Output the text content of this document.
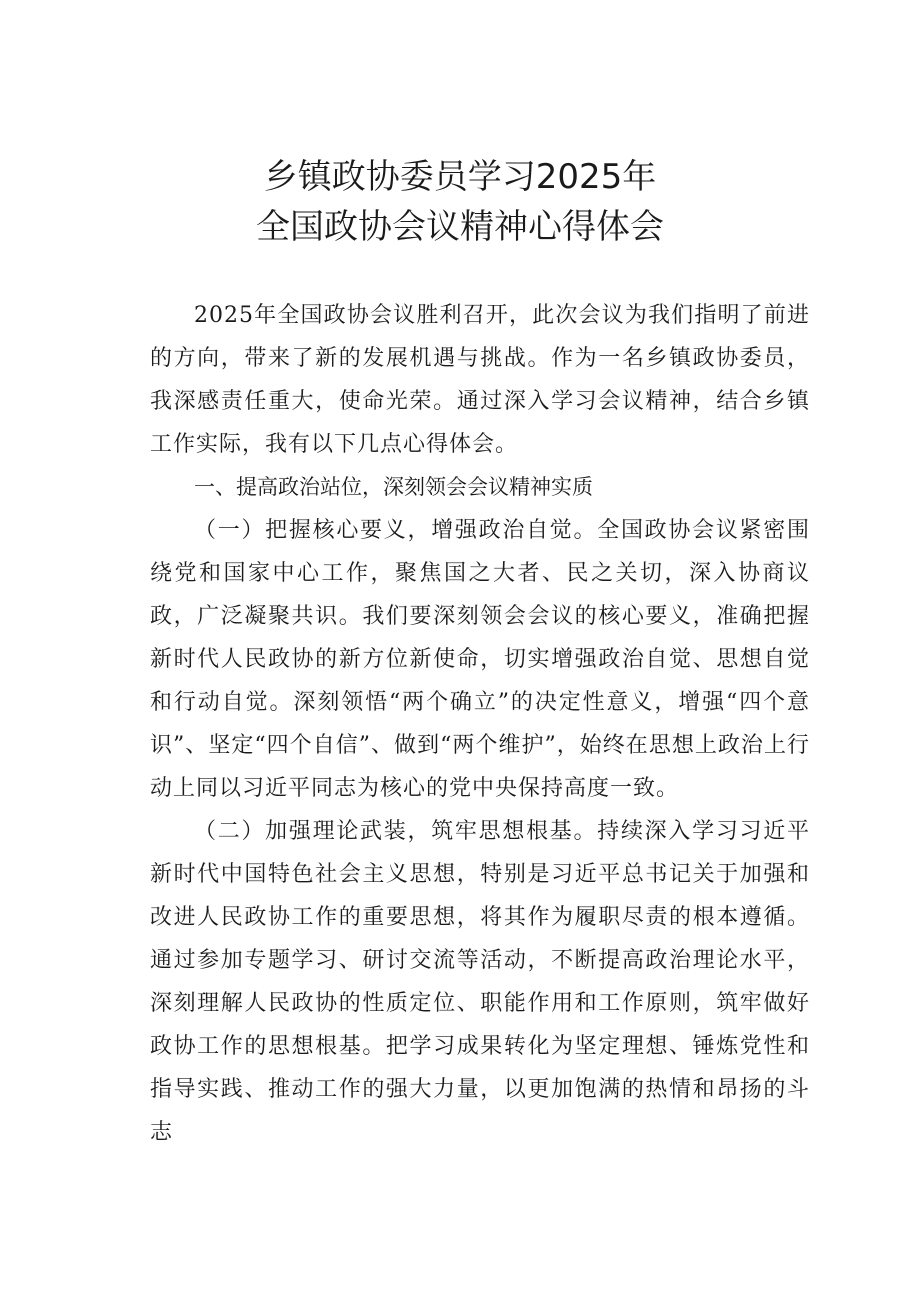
乡镇政协委员学习2025年
全国政协会议精神心得体会

2025年全国政协会议胜利召开，此次会议为我们指明了前进的方向，带来了新的发展机遇与挑战。作为一名乡镇政协委员，我深感责任重大，使命光荣。通过深入学习会议精神，结合乡镇工作实际，我有以下几点心得体会。

一、提高政治站位，深刻领会会议精神实质

（一）把握核心要义，增强政治自觉。全国政协会议紧密围绕党和国家中心工作，聚焦国之大者、民之关切，深入协商议政，广泛凝聚共识。我们要深刻领会会议的核心要义，准确把握新时代人民政协的新方位新使命，切实增强政治自觉、思想自觉和行动自觉。深刻领悟“两个确立”的决定性意义，增强“四个意识”、坚定“四个自信”、做到“两个维护”，始终在思想上政治上行动上同以习近平同志为核心的党中央保持高度一致。

（二）加强理论武装，筑牢思想根基。持续深入学习习近平新时代中国特色社会主义思想，特别是习近平总书记关于加强和改进人民政协工作的重要思想，将其作为履职尽责的根本遵循。通过参加专题学习、研讨交流等活动，不断提高政治理论水平，深刻理解人民政协的性质定位、职能作用和工作原则，筑牢做好政协工作的思想根基。把学习成果转化为坚定理想、锤炼党性和指导实践、推动工作的强大力量，以更加饱满的热情和昂扬的斗志
